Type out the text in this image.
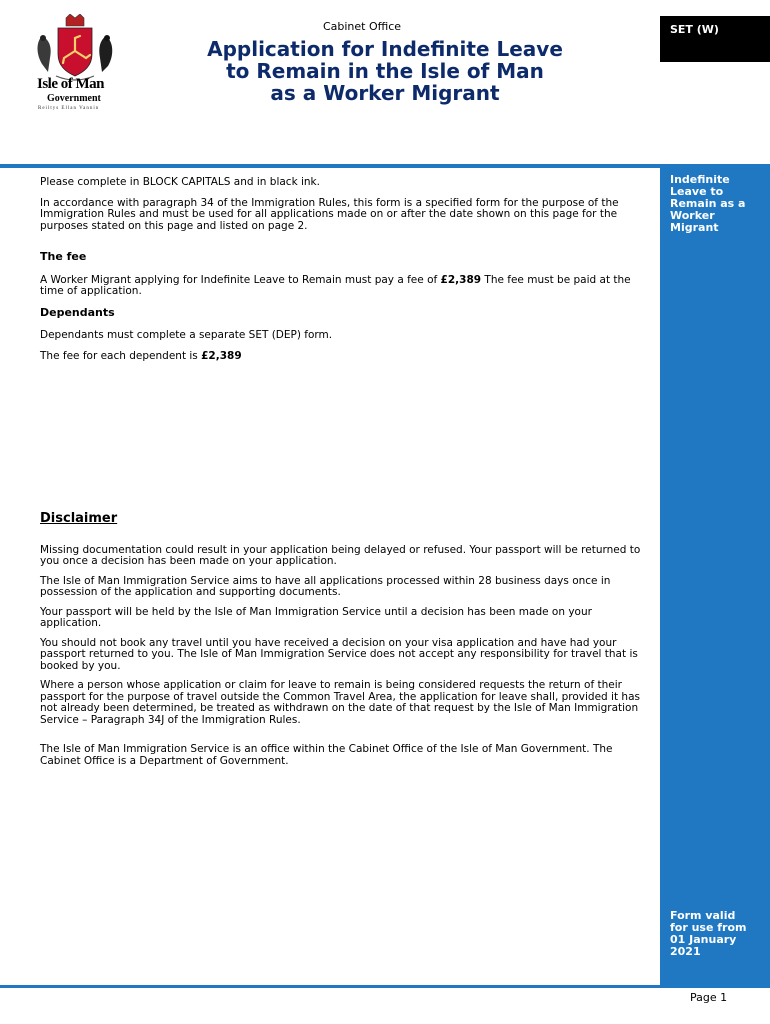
Isle of Man
Government
Reiltys Ellan Vannin
Cabinet Office
Application for Indefinite Leave
to Remain in the Isle of Man
as a Worker Migrant
SET (W)
Indefinite Leave to Remain as a Worker Migrant
Form valid for use from 01 January 2021

Please complete in BLOCK CAPITALS and in black ink.

In accordance with paragraph 34 of the Immigration Rules, this form is a specified form for the purpose of the Immigration Rules and must be used for all applications made on or after the date shown on this page for the purposes stated on this page and listed on page 2.

The fee

A Worker Migrant applying for Indefinite Leave to Remain must pay a fee of £2,389 The fee must be paid at the time of application.

Dependants

Dependants must complete a separate SET (DEP) form.

The fee for each dependent is £2,389

Disclaimer

Missing documentation could result in your application being delayed or refused. Your passport will be returned to you once a decision has been made on your application.

The Isle of Man Immigration Service aims to have all applications processed within 28 business days once in possession of the application and supporting documents.

Your passport will be held by the Isle of Man Immigration Service until a decision has been made on your application.

You should not book any travel until you have received a decision on your visa application and have had your passport returned to you. The Isle of Man Immigration Service does not accept any responsibility for travel that is booked by you.

Where a person whose application or claim for leave to remain is being considered requests the return of their passport for the purpose of travel outside the Common Travel Area, the application for leave shall, provided it has not already been determined, be treated as withdrawn on the date of that request by the Isle of Man Immigration Service – Paragraph 34J of the Immigration Rules.

The Isle of Man Immigration Service is an office within the Cabinet Office of the Isle of Man Government. The Cabinet Office is a Department of Government.

Page 1
